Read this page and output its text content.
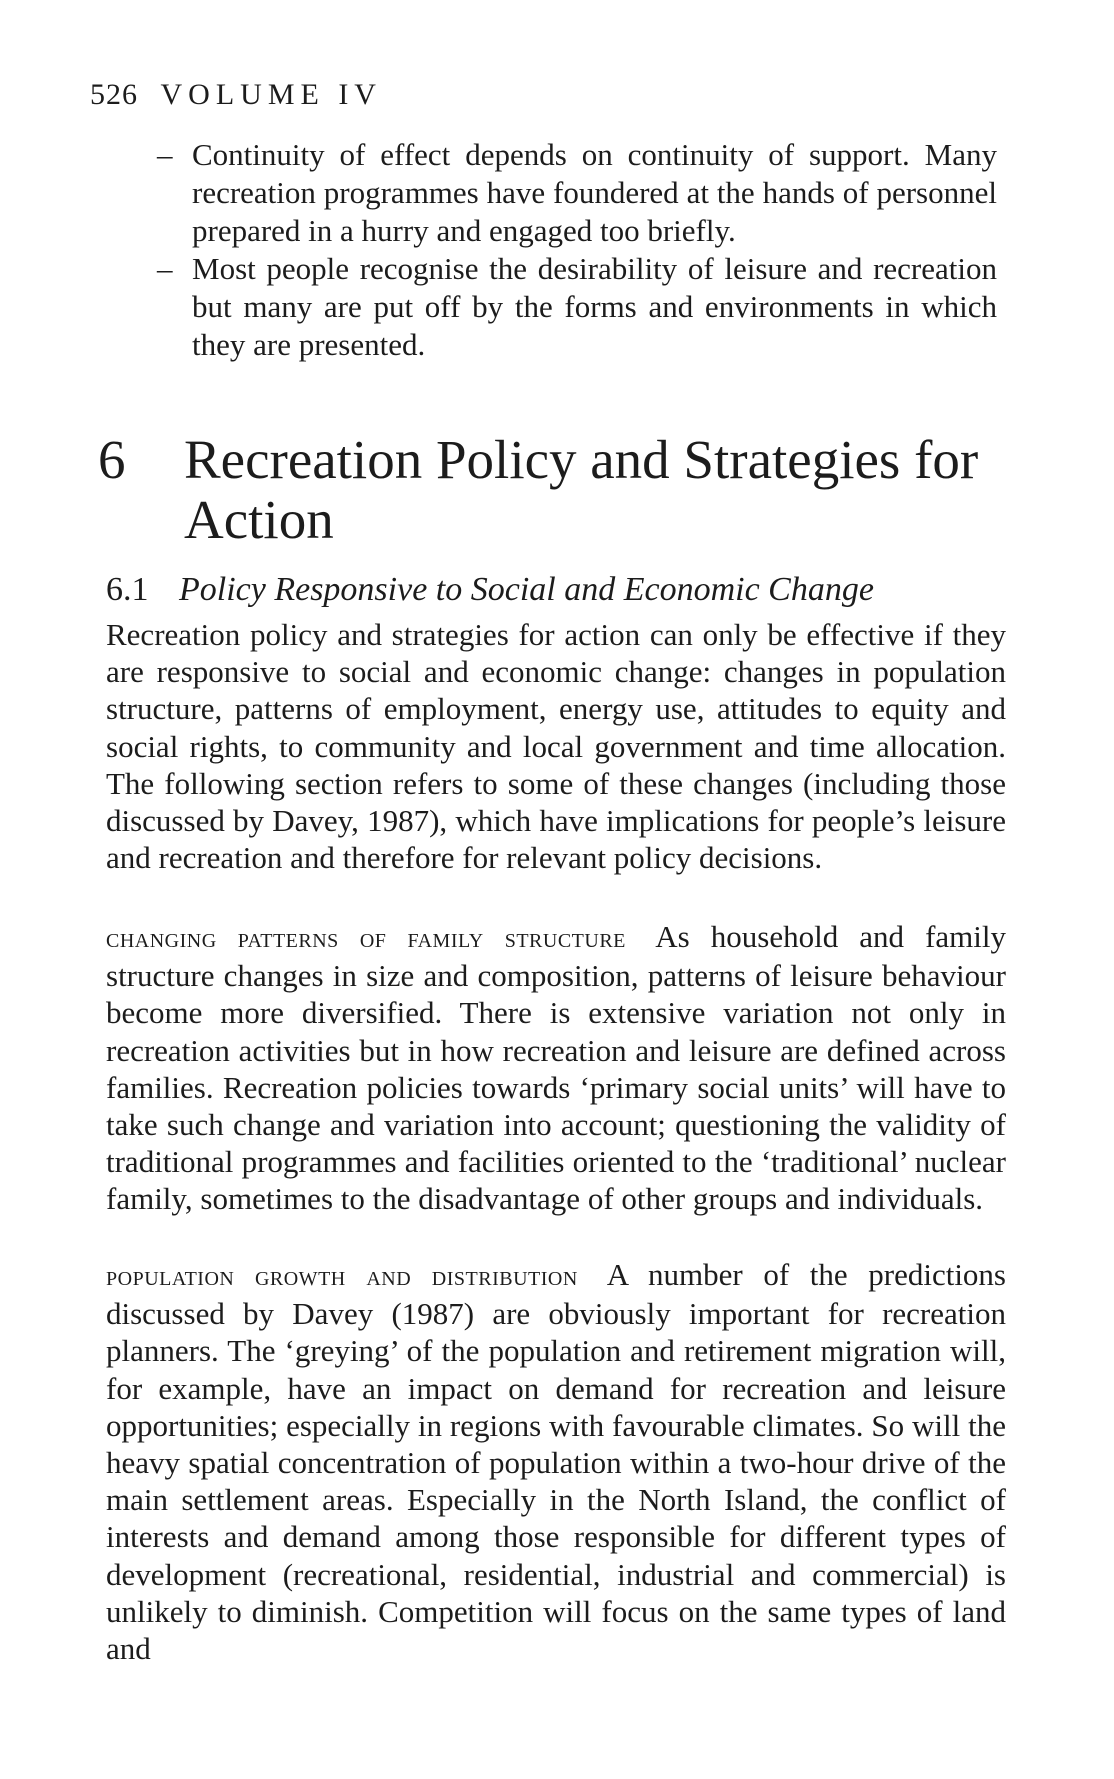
526 VOLUME IV

– Continuity of effect depends on continuity of support. Many recreation programmes have foundered at the hands of personnel prepared in a hurry and engaged too briefly.

– Most people recognise the desirability of leisure and recreation but many are put off by the forms and environments in which they are presented.

6 Recreation Policy and Strategies for Action
6.1 Policy Responsive to Social and Economic Change

Recreation policy and strategies for action can only be effective if they are responsive to social and economic change: changes in population structure, patterns of employment, energy use, attitudes to equity and social rights, to community and local government and time allocation. The following section refers to some of these changes (including those discussed by Davey, 1987), which have implications for people’s leisure and recreation and therefore for relevant policy decisions.

changing patterns of family structure As household and family structure changes in size and composition, patterns of leisure behaviour become more diversified. There is extensive variation not only in recreation activities but in how recreation and leisure are defined across families. Recreation policies towards ‘primary social units’ will have to take such change and variation into account; questioning the validity of traditional programmes and facilities oriented to the ‘traditional’ nuclear family, sometimes to the disadvantage of other groups and individuals.

population growth and distribution A number of the predictions discussed by Davey (1987) are obviously important for recreation planners. The ‘greying’ of the population and retirement migration will, for example, have an impact on demand for recreation and leisure opportunities; especially in regions with favourable climates. So will the heavy spatial concentration of population within a two-hour drive of the main settlement areas. Especially in the North Island, the conflict of interests and demand among those responsible for different types of development (recreational, residential, industrial and commercial) is unlikely to diminish. Competition will focus on the same types of land and
